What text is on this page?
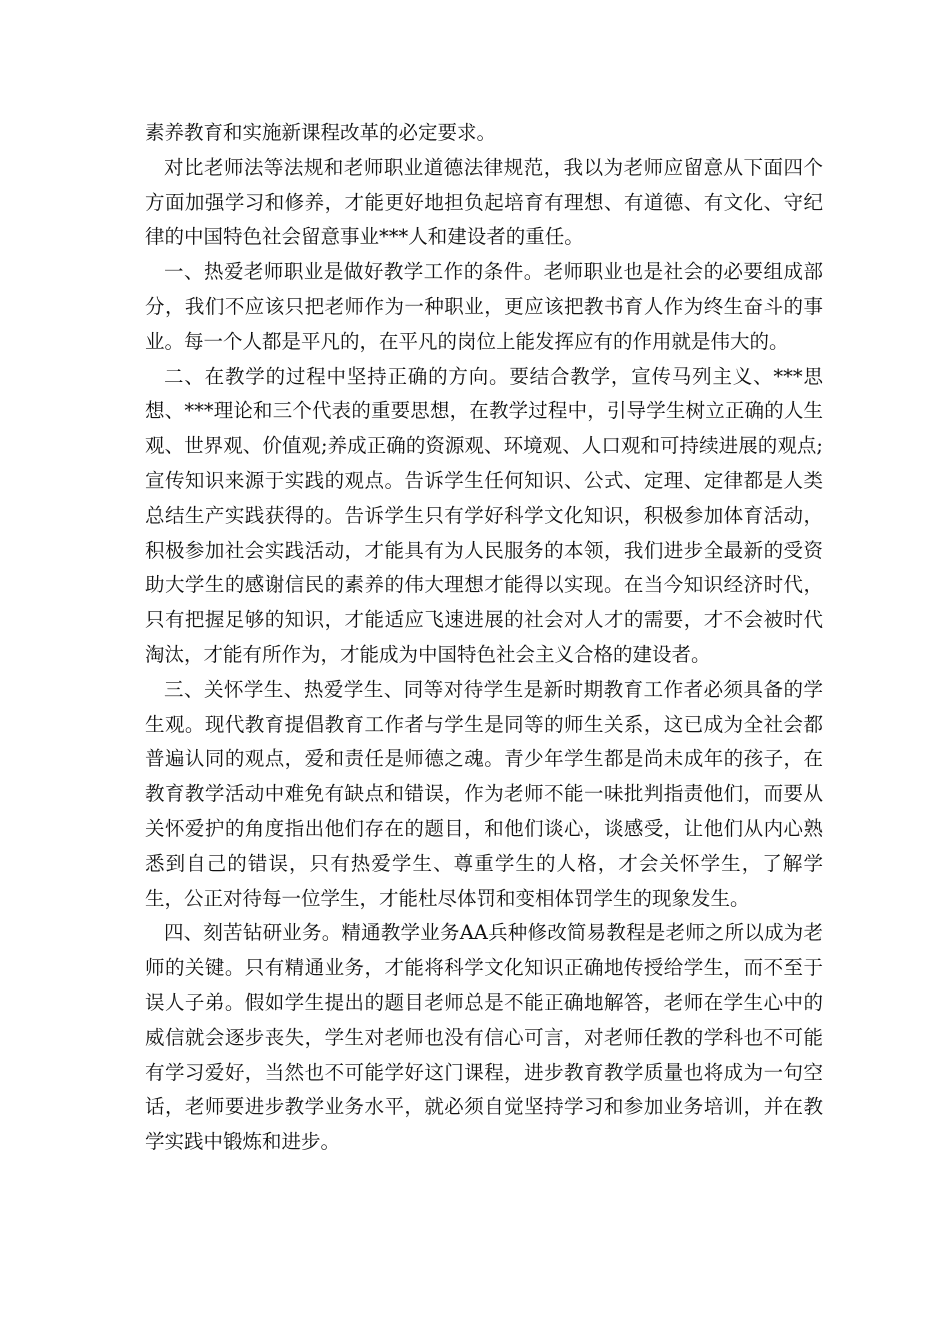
素养教育和实施新课程改革的必定要求。

对比老师法等法规和老师职业道德法律规范，我以为老师应留意从下面四个方面加强学习和修养，才能更好地担负起培育有理想、有道德、有文化、守纪律的中国特色社会留意事业***人和建设者的重任。

一、热爱老师职业是做好教学工作的条件。老师职业也是社会的必要组成部分，我们不应该只把老师作为一种职业，更应该把教书育人作为终生奋斗的事业。每一个人都是平凡的，在平凡的岗位上能发挥应有的作用就是伟大的。

二、在教学的过程中坚持正确的方向。要结合教学，宣传马列主义、***思想、***理论和三个代表的重要思想，在教学过程中，引导学生树立正确的人生观、世界观、价值观;养成正确的资源观、环境观、人口观和可持续进展的观点;宣传知识来源于实践的观点。告诉学生任何知识、公式、定理、定律都是人类总结生产实践获得的。告诉学生只有学好科学文化知识，积极参加体育活动，积极参加社会实践活动，才能具有为人民服务的本领，我们进步全最新的受资助大学生的感谢信民的素养的伟大理想才能得以实现。在当今知识经济时代，只有把握足够的知识，才能适应飞速进展的社会对人才的需要，才不会被时代淘汰，才能有所作为，才能成为中国特色社会主义合格的建设者。

三、关怀学生、热爱学生、同等对待学生是新时期教育工作者必须具备的学生观。现代教育提倡教育工作者与学生是同等的师生关系，这已成为全社会都普遍认同的观点，爱和责任是师德之魂。青少年学生都是尚未成年的孩子，在教育教学活动中难免有缺点和错误，作为老师不能一味批判指责他们，而要从关怀爱护的角度指出他们存在的题目，和他们谈心，谈感受，让他们从内心熟悉到自己的错误，只有热爱学生、尊重学生的人格，才会关怀学生，了解学生，公正对待每一位学生，才能杜尽体罚和变相体罚学生的现象发生。

四、刻苦钻研业务。精通教学业务AA兵种修改简易教程是老师之所以成为老师的关键。只有精通业务，才能将科学文化知识正确地传授给学生，而不至于误人子弟。假如学生提出的题目老师总是不能正确地解答，老师在学生心中的威信就会逐步丧失，学生对老师也没有信心可言，对老师任教的学科也不可能有学习爱好，当然也不可能学好这门课程，进步教育教学质量也将成为一句空话，老师要进步教学业务水平，就必须自觉坚持学习和参加业务培训，并在教学实践中锻炼和进步。
